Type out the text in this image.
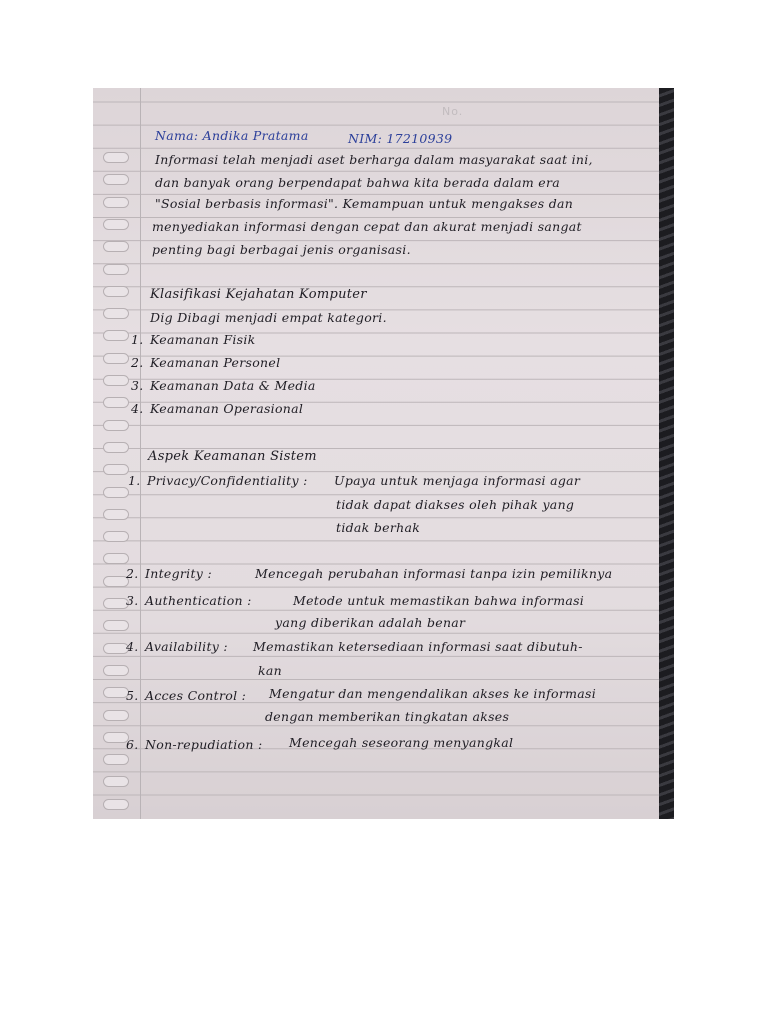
No.
Nama: Andika Pratama	NIM: 17210939
Informasi telah menjadi aset berharga dalam masyarakat saat ini,
dan banyak orang berpendapat bahwa kita berada dalam era
"Sosial berbasis informasi". Kemampuan untuk mengakses dan
menyediakan informasi dengan cepat dan akurat menjadi sangat
penting bagi berbagai jenis organisasi.
Klasifikasi Kejahatan Komputer
Dig Dibagi menjadi empat kategori.
1. Keamanan Fisik
2. Keamanan Personel
3. Keamanan Data & Media
4. Keamanan Operasional
Aspek Keamanan Sistem
1. Privacy/Confidentiality : Upaya untuk menjaga informasi agar
tidak dapat diakses oleh pihak yang
tidak berhak
2. Integrity :	Mencegah perubahan informasi tanpa izin pemiliknya
3. Authentication :	Metode untuk memastikan bahwa informasi
yang diberikan adalah benar
4. Availability : Memastikan ketersediaan informasi saat dibutuh-
kan
5. Acces Control : Mengatur dan mengendalikan akses ke informasi
dengan memberikan tingkatan akses
6. Non-repudiation : Mencegah seseorang menyangkal
